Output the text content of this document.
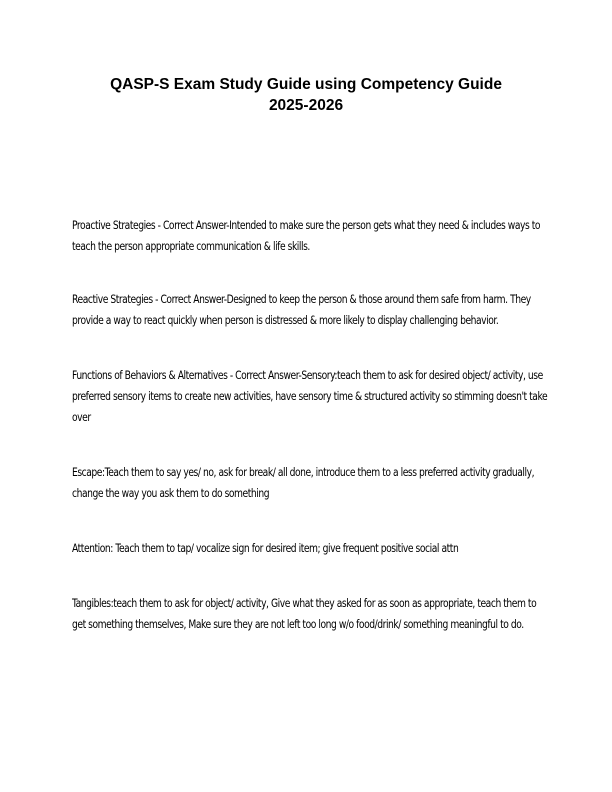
QASP-S Exam Study Guide using Competency Guide
2025-2026

Proactive Strategies - Correct Answer-Intended to make sure the person gets what they need & includes ways to teach the person appropriate communication & life skills.

Reactive Strategies - Correct Answer-Designed to keep the person & those around them safe from harm. They provide a way to react quickly when person is distressed & more likely to display challenging behavior.

Functions of Behaviors & Alternatives - Correct Answer-Sensory:teach them to ask for desired object/ activity, use preferred sensory items to create new activities, have sensory time & structured activity so stimming doesn't take over

Escape:Teach them to say yes/ no, ask for break/ all done, introduce them to a less preferred activity gradually, change the way you ask them to do something

Attention: Teach them to tap/ vocalize sign for desired item; give frequent positive social attn

Tangibles:teach them to ask for object/ activity, Give what they asked for as soon as appropriate, teach them to get something themselves, Make sure they are not left too long w/o food/drink/ something meaningful to do.
